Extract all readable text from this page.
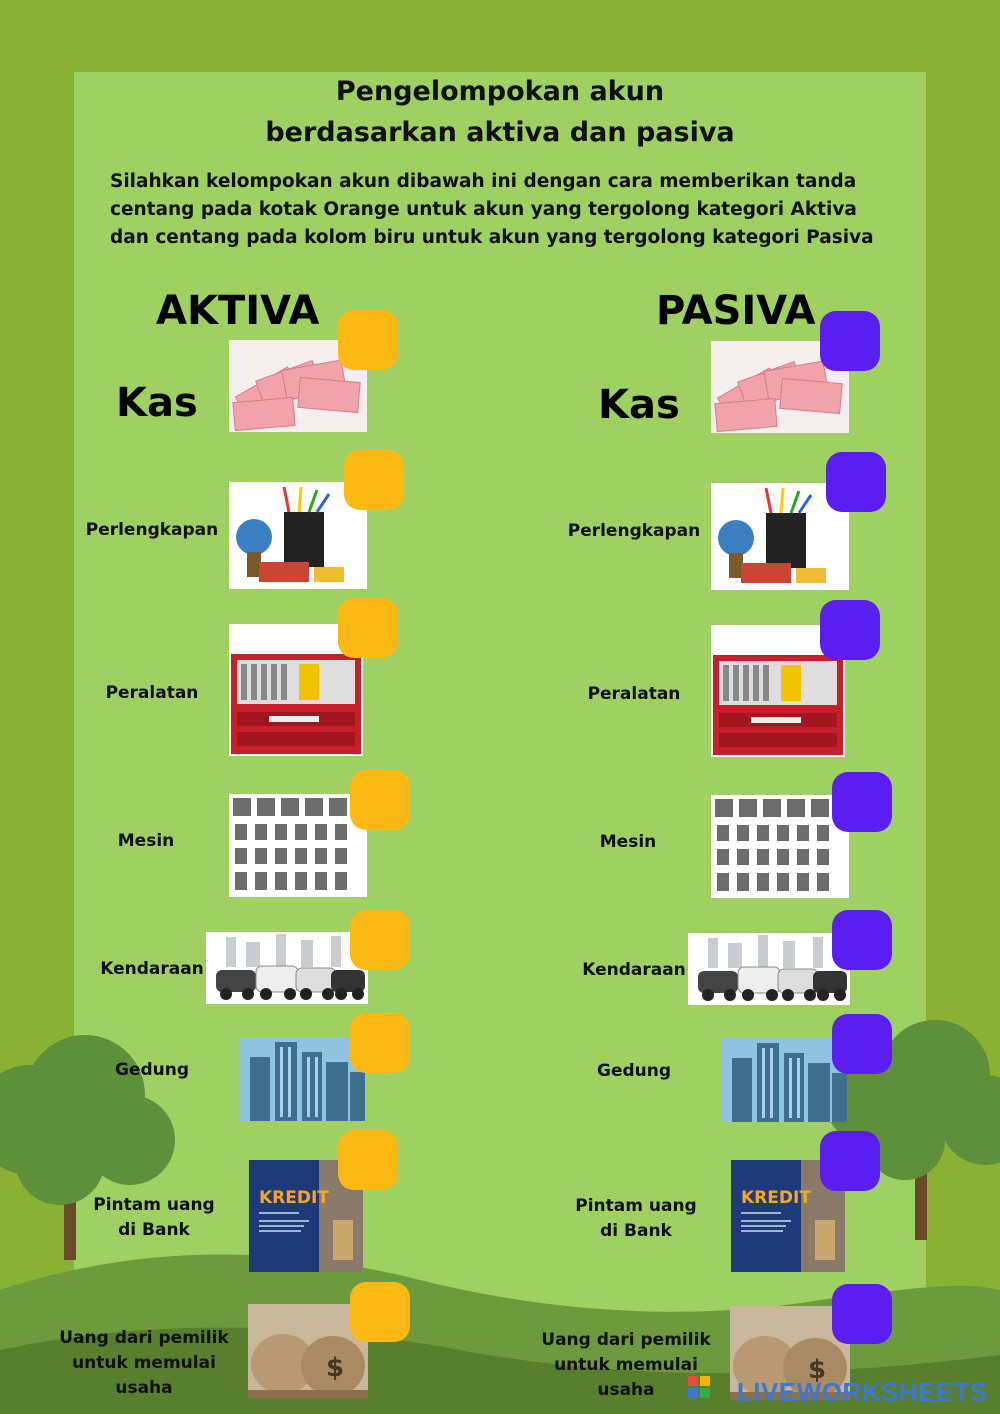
Pengelompokan akun
berdasarkan aktiva dan pasiva
Silahkan kelompokan akun dibawah ini dengan cara memberikan tanda centang pada kotak Orange untuk akun yang tergolong kategori Aktiva dan centang pada kolom biru untuk akun yang tergolong kategori Pasiva
AKTIVA	PASIVA
Kas
Perlengkapan
Peralatan
Mesin
Kendaraan
Gedung
Pintam uang
di Bank
KREDIT
Uang dari pemilik
untuk memulai usaha
$
Kas
Perlengkapan
Peralatan
Mesin
Kendaraan
Gedung
Pintam uang
di Bank
KREDIT
Uang dari pemilik
untuk memulai usaha
$
LIVEWORKSHEETS
